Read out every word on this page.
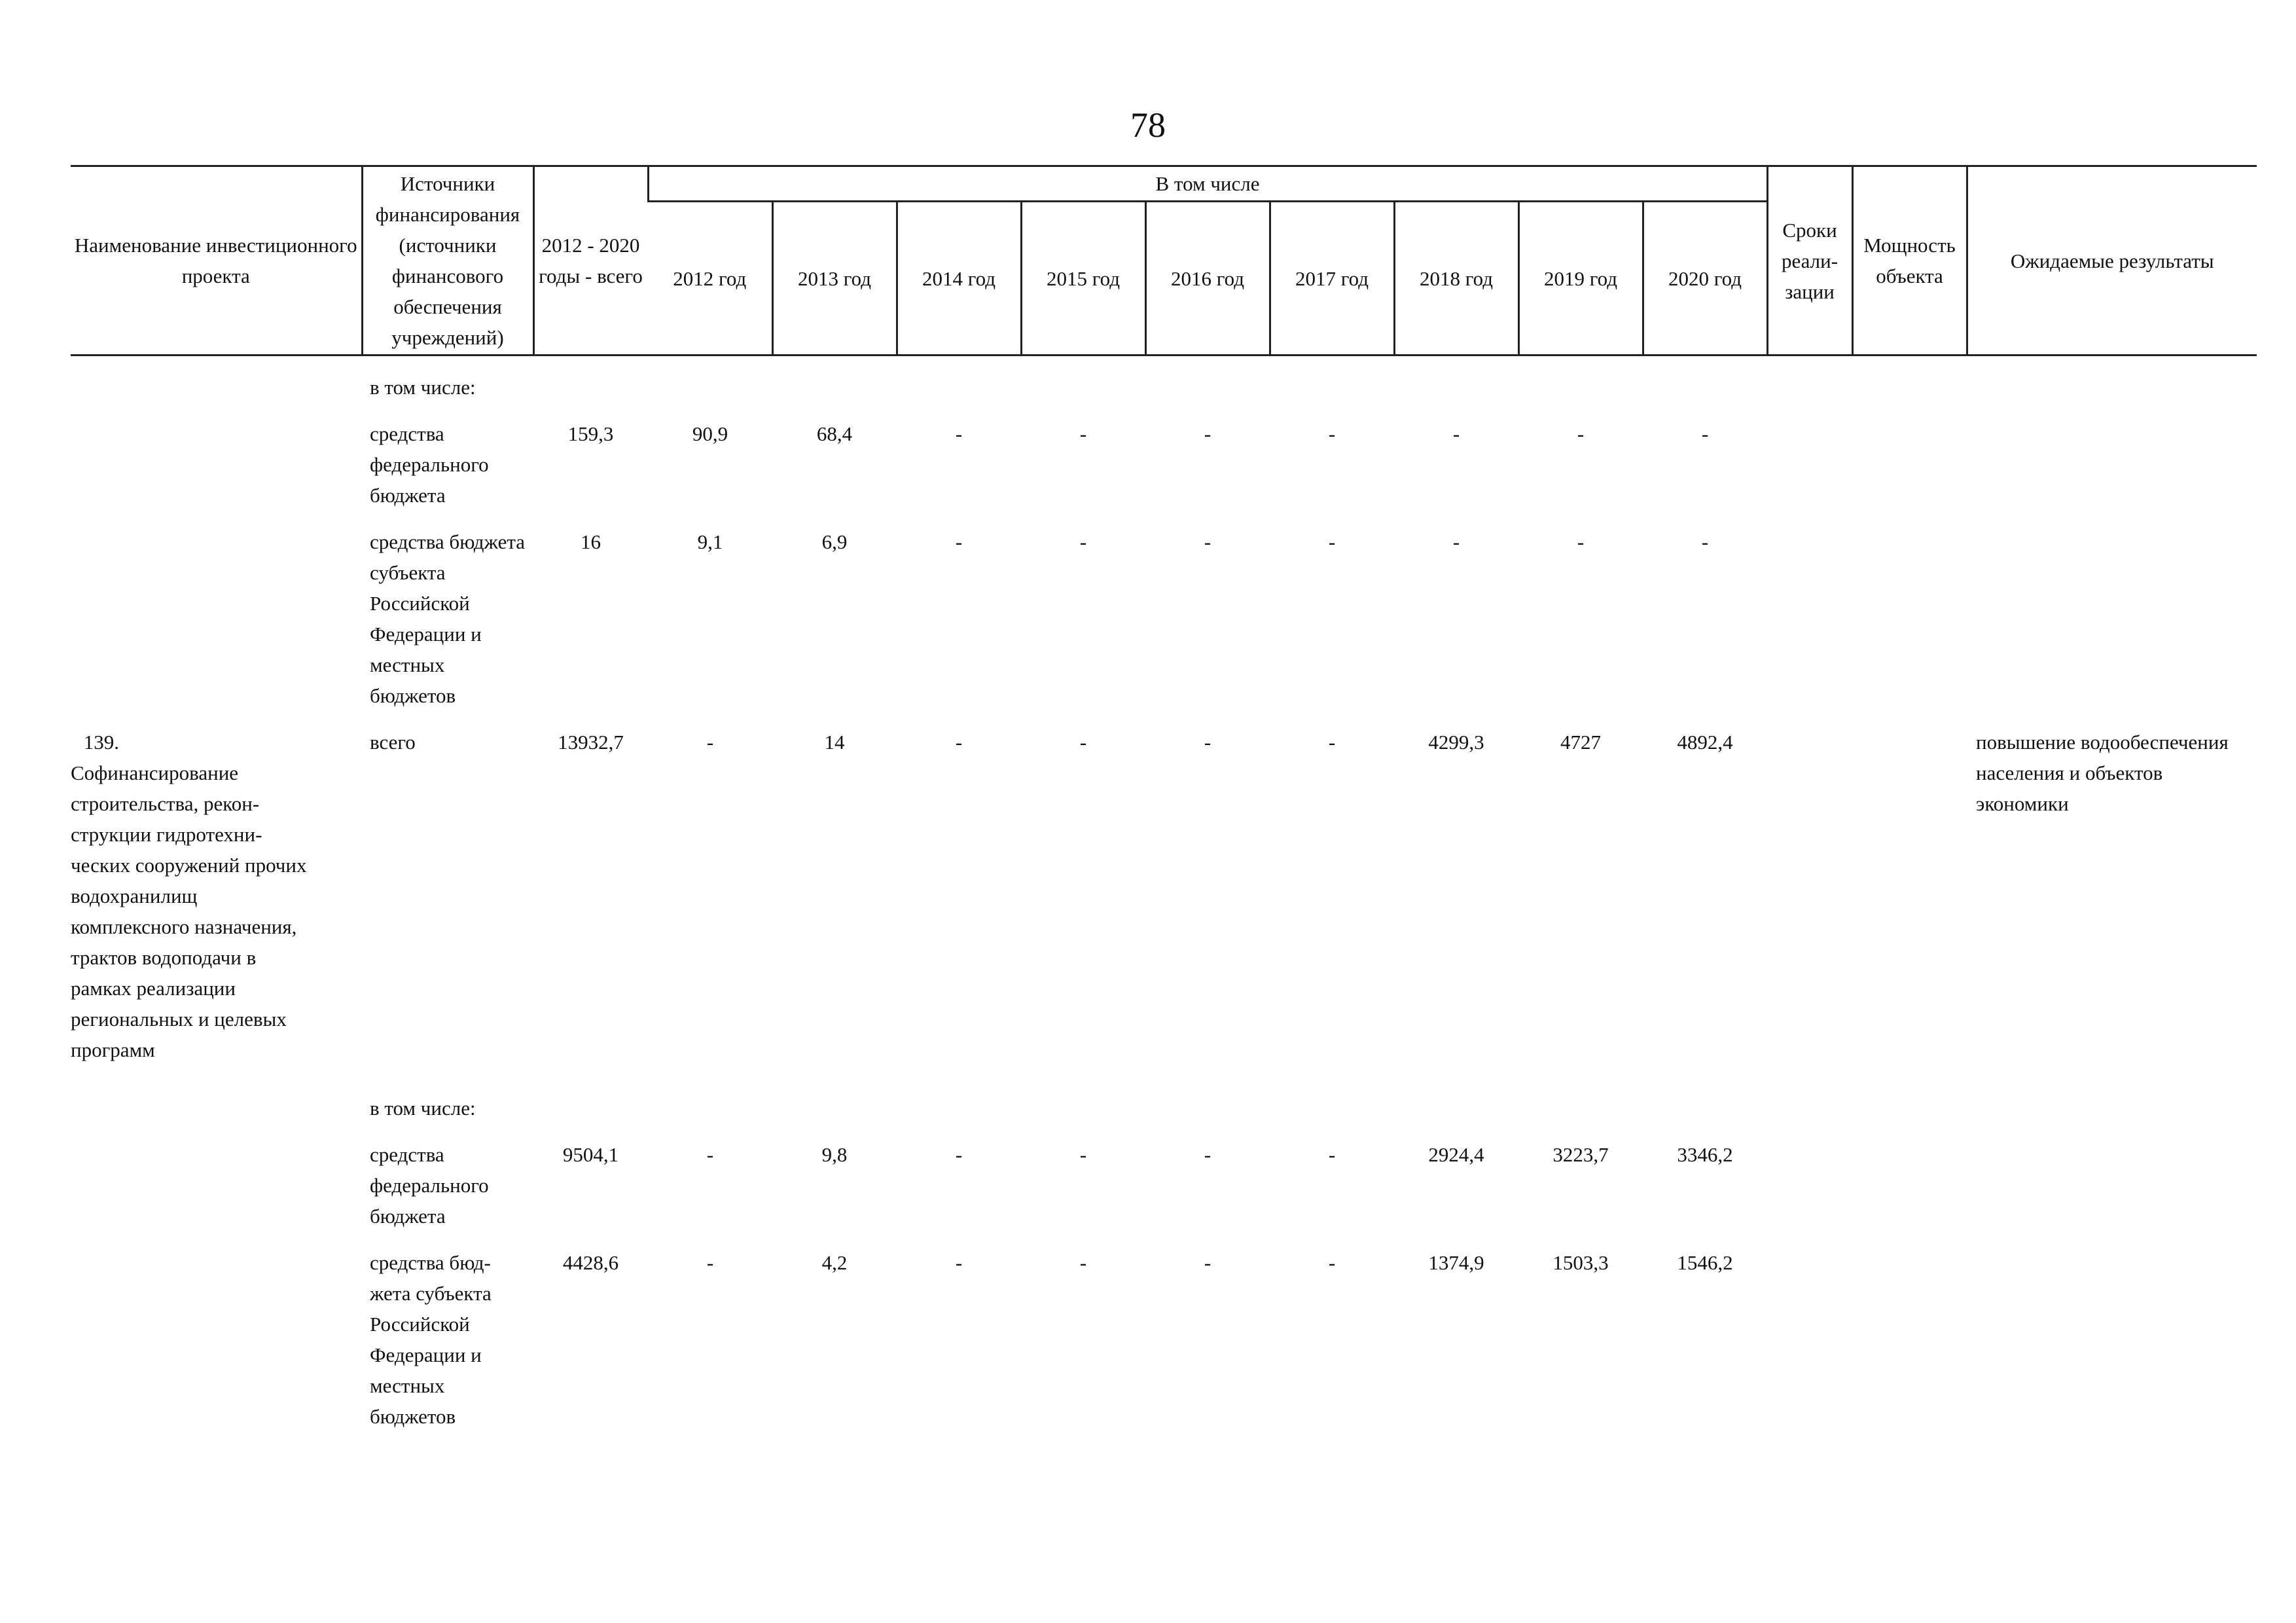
78
Наименование инвестиционного проекта	Источники финансирования (источники финансового обеспечения учреждений)	2012 - 2020 годы - всего	В том числе									Сроки реали- зации	Мощность объекта	Ожидаемые результаты
			2012 год	2013 год	2014 год	2015 год	2016 год	2017 год	2018 год	2019 год	2020 год			
	в том числе:													
	средства федерального бюджета	159,3	90,9	68,4	-	-	-	-	-	-	-			
	средства бюджета субъекта Российской Федерации и местных бюджетов	16	9,1	6,9	-	-	-	-	-	-	-			
139.Софинансирование строительства, рекон- струкции гидротехни- ческих сооружений прочих водохранилищ комплексного назначения, трактов водоподачи в рамках реализации региональных и целевых программ	всего	13932,7	-	14	-	-	-	-	4299,3	4727	4892,4			повышение водообеспечения населения и объектов экономики
	в том числе:													
	средства федерального бюджета	9504,1	-	9,8	-	-	-	-	2924,4	3223,7	3346,2			
	средства бюд- жета субъекта Российской Федерации и местных бюджетов	4428,6	-	4,2	-	-	-	-	1374,9	1503,3	1546,2			
